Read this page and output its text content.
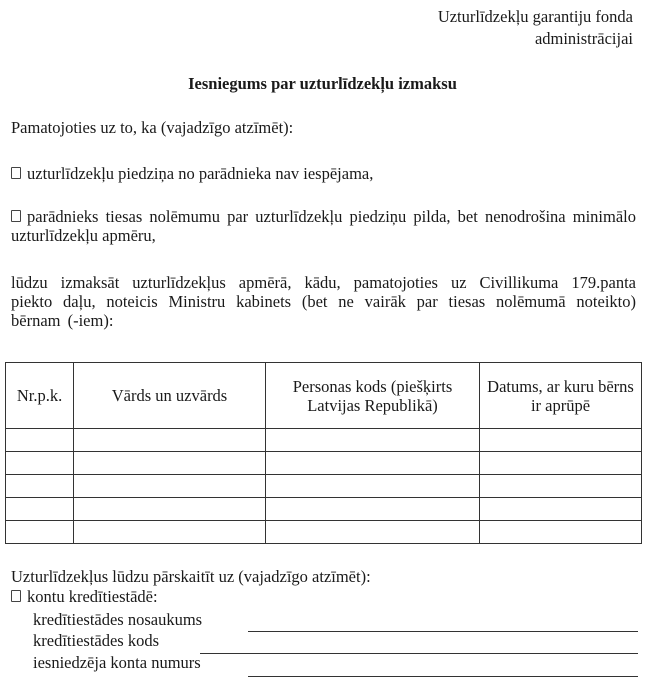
Uzturlīdzekļu garantiju fonda
administrācijai
Iesniegums par uzturlīdzekļu izmaksu
Pamatojoties uz to, ka (vajadzīgo atzīmēt):
uzturlīdzekļu piedziņa no parādnieka nav iespējama,
parādnieks tiesas nolēmumu par uzturlīdzekļu piedziņu pilda, bet nenodrošina minimālo uzturlīdzekļu apmēru,
lūdzu izmaksāt uzturlīdzekļus apmērā, kādu, pamatojoties uz Civillikuma 179.panta piekto daļu, noteicis Ministru kabinets (bet ne vairāk par tiesas nolēmumā noteikto) bērnam (-iem):
Nr.p.k.	Vārds un uzvārds	Personas kods (piešķirts Latvijas Republikā)	Datums, ar kuru bērns ir aprūpē

Uzturlīdzekļus lūdzu pārskaitīt uz (vajadzīgo atzīmēt):
kontu kredītiestādē:
kredītiestādes nosaukums
kredītiestādes kods
iesniedzēja konta numurs
